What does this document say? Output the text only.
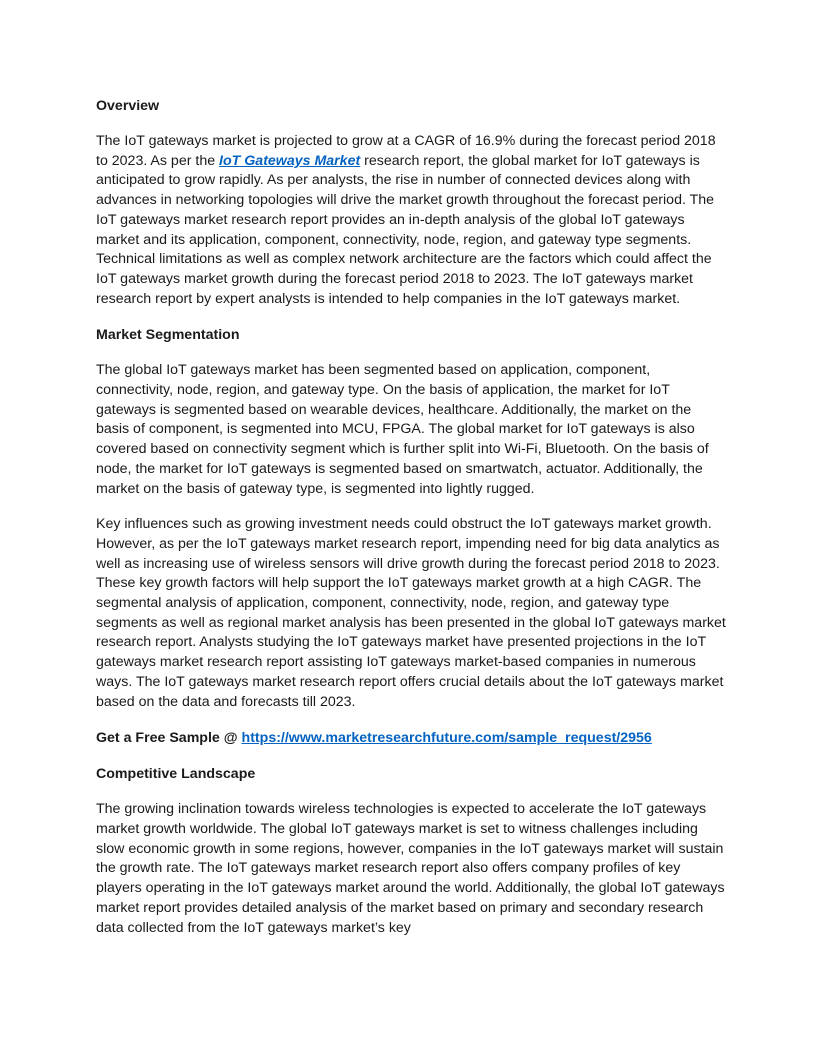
Overview

The IoT gateways market is projected to grow at a CAGR of 16.9% during the forecast period 2018 to 2023. As per the IoT Gateways Market research report, the global market for IoT gateways is anticipated to grow rapidly. As per analysts, the rise in number of connected devices along with advances in networking topologies will drive the market growth throughout the forecast period. The IoT gateways market research report provides an in-depth analysis of the global IoT gateways market and its application, component, connectivity, node, region, and gateway type segments. Technical limitations as well as complex network architecture are the factors which could affect the IoT gateways market growth during the forecast period 2018 to 2023. The IoT gateways market research report by expert analysts is intended to help companies in the IoT gateways market.

Market Segmentation

The global IoT gateways market has been segmented based on application, component, connectivity, node, region, and gateway type. On the basis of application, the market for IoT gateways is segmented based on wearable devices, healthcare. Additionally, the market on the basis of component, is segmented into MCU, FPGA. The global market for IoT gateways is also covered based on connectivity segment which is further split into Wi-Fi, Bluetooth. On the basis of node, the market for IoT gateways is segmented based on smartwatch, actuator. Additionally, the market on the basis of gateway type, is segmented into lightly rugged.

Key influences such as growing investment needs could obstruct the IoT gateways market growth. However, as per the IoT gateways market research report, impending need for big data analytics as well as increasing use of wireless sensors will drive growth during the forecast period 2018 to 2023. These key growth factors will help support the IoT gateways market growth at a high CAGR. The segmental analysis of application, component, connectivity, node, region, and gateway type segments as well as regional market analysis has been presented in the global IoT gateways market research report. Analysts studying the IoT gateways market have presented projections in the IoT gateways market research report assisting IoT gateways market-based companies in numerous ways. The IoT gateways market research report offers crucial details about the IoT gateways market based on the data and forecasts till 2023.

Get a Free Sample @ https://www.marketresearchfuture.com/sample_request/2956
Competitive Landscape

The growing inclination towards wireless technologies is expected to accelerate the IoT gateways market growth worldwide. The global IoT gateways market is set to witness challenges including slow economic growth in some regions, however, companies in the IoT gateways market will sustain the growth rate. The IoT gateways market research report also offers company profiles of key players operating in the IoT gateways market around the world. Additionally, the global IoT gateways market report provides detailed analysis of the market based on primary and secondary research data collected from the IoT gateways market’s key
